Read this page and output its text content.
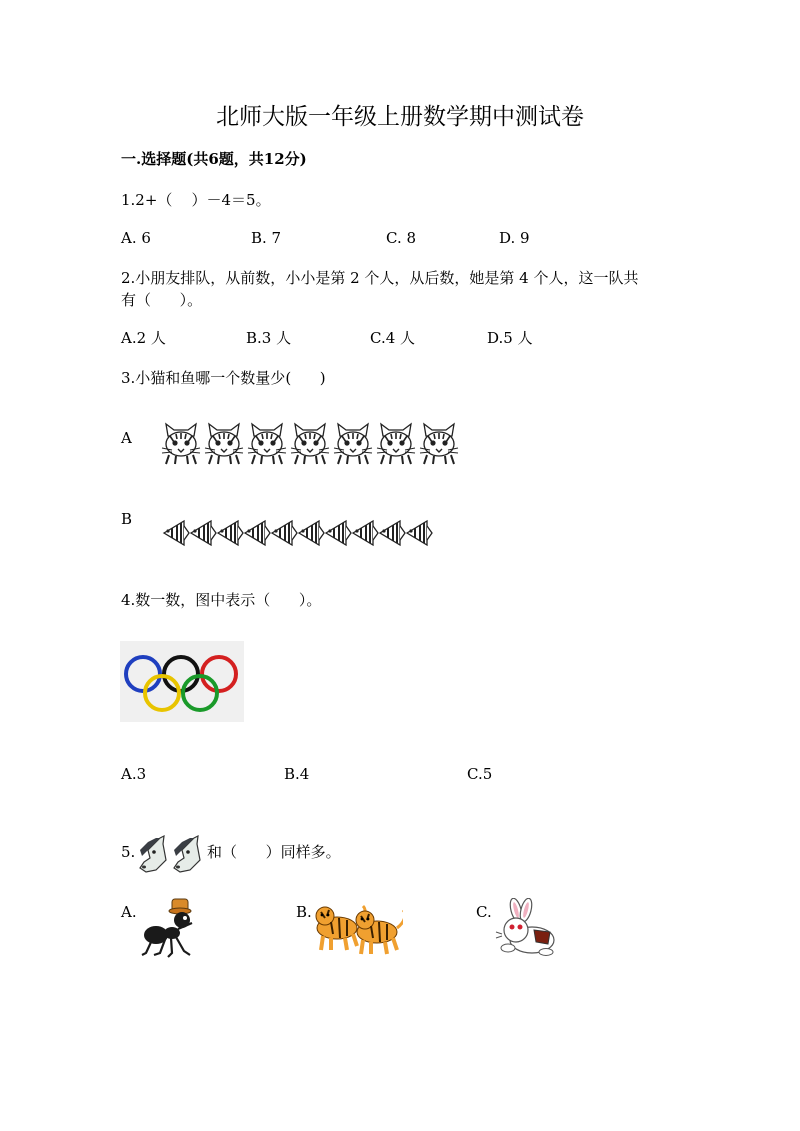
北师大版一年级上册数学期中测试卷
一.选择题(共6题，共12分)
1.2+（    ）－4＝5。
A. 6	B. 7	C. 8	D. 9
2.小朋友排队，从前数，小小是第 2 个人，从后数，她是第 4 个人，这一队共
有（      ）。
A.2 人	B.3 人	C.4 人	D.5 人
3.小猫和鱼哪一个数量少(      )
A
B
4.数一数，图中表示（      ）。
A.3	B.4	C.5
5.	和（      ）同样多。
A.	B.	C.
